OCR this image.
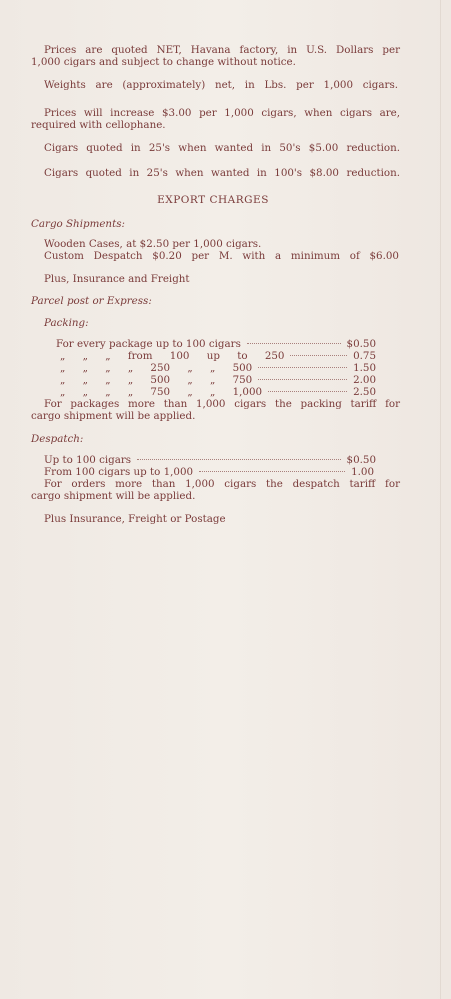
Prices are quoted NET, Havana factory, in U.S. Dollars per
1,000 cigars and subject to change without notice.
Weights are (approximately) net, in Lbs. per 1,000 cigars.
Prices will increase $3.00 per 1,000 cigars, when cigars are,
required with cellophane.
Cigars quoted in 25's when wanted in 50's $5.00 reduction.
Cigars quoted in 25's when wanted in 100's $8.00 reduction.
EXPORT CHARGES
Cargo Shipments:
Wooden Cases, at $2.50 per 1,000 cigars.
Custom Despatch $0.20 per M. with a minimum of $6.00
Plus, Insurance and Freight
Parcel post or Express:
Packing:
For every package up to 100 cigars	$0.50
„ „ „ from 100 up to 250	0.75
„ „ „ „ 250 „ „ 500	1.50
„ „ „ „ 500 „ „ 750	2.00
„ „ „ „ 750 „ „ 1,000	2.50
For packages more than 1,000 cigars the packing tariff for
cargo shipment will be applied.
Despatch:
Up to 100 cigars	$0.50
From 100 cigars up to 1,000	1.00
For orders more than 1,000 cigars the despatch tariff for
cargo shipment will be applied.
Plus Insurance, Freight or Postage
